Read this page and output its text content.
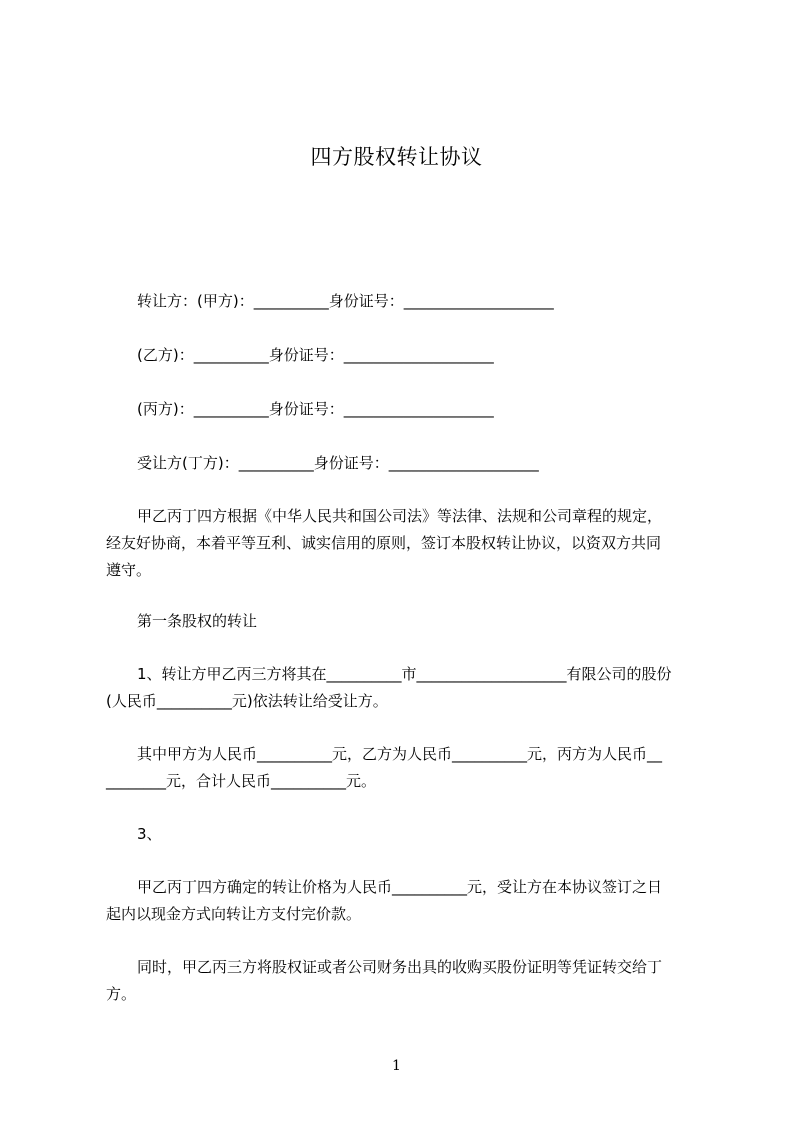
四方股权转让协议
转让方：(甲方)：__________身份证号：____________________
(乙方)：__________身份证号：____________________
(丙方)：__________身份证号：____________________
受让方(丁方)：__________身份证号：____________________
甲乙丙丁四方根据《中华人民共和国公司法》等法律、法规和公司章程的规定，
经友好协商，本着平等互利、诚实信用的原则，签订本股权转让协议，以资双方共同
遵守。
第一条股权的转让
1、转让方甲乙丙三方将其在__________市____________________有限公司的股份
(人民币__________元)依法转让给受让方。
其中甲方为人民币__________元，乙方为人民币__________元，丙方为人民币__
________元，合计人民币__________元。
3、
甲乙丙丁四方确定的转让价格为人民币__________元，受让方在本协议签订之日
起内以现金方式向转让方支付完价款。
同时，甲乙丙三方将股权证或者公司财务出具的收购买股份证明等凭证转交给丁
方。
1
